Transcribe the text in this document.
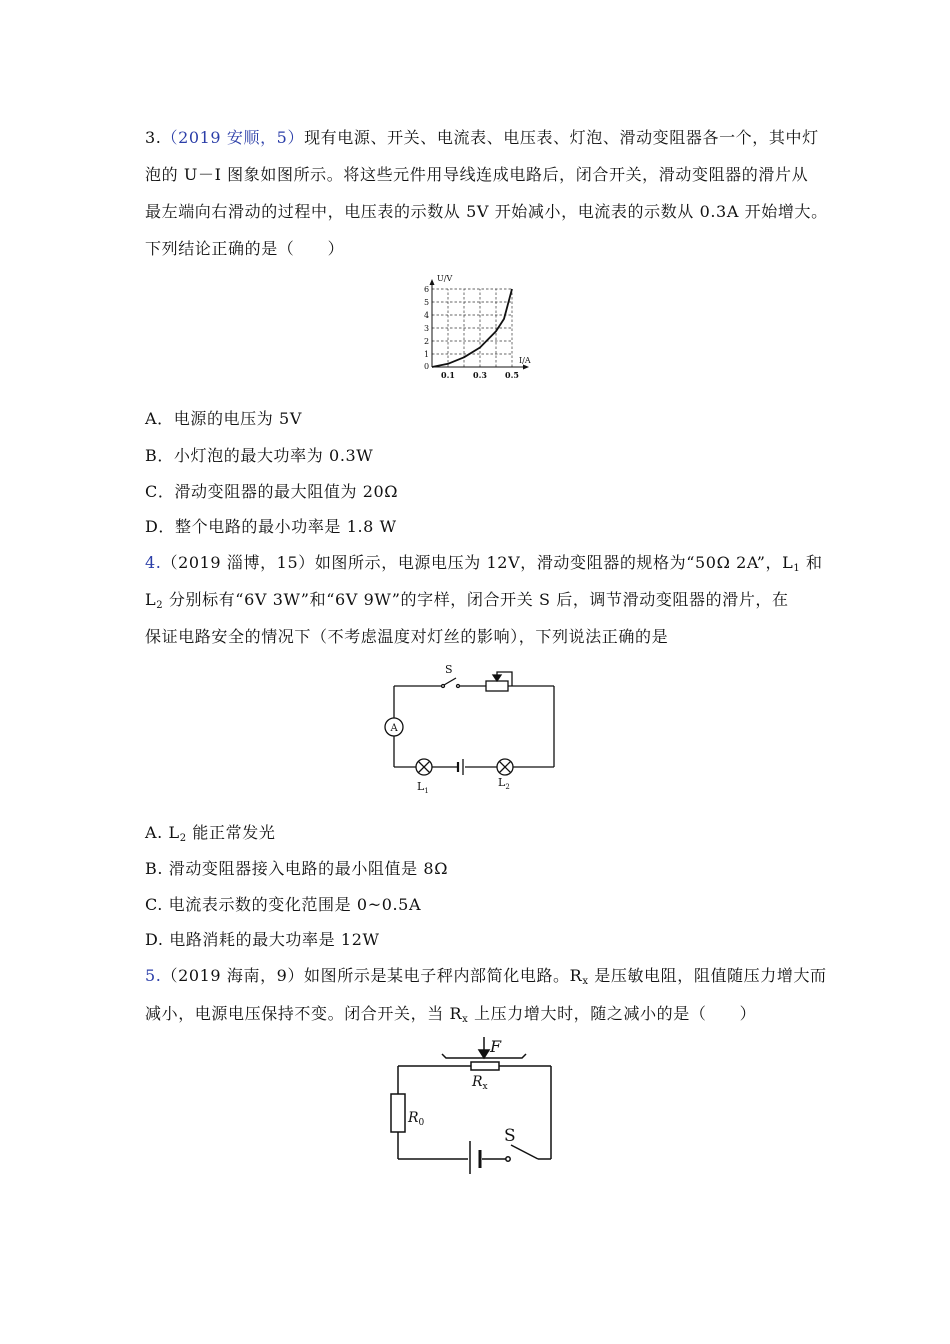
3.（2019 安顺，5）现有电源、开关、电流表、电压表、灯泡、滑动变阻器各一个，其中灯
泡的 U－I 图象如图所示。将这些元件用导线连成电路后，闭合开关，滑动变阻器的滑片从
最左端向右滑动的过程中，电压表的示数从 5V 开始减小，电流表的示数从 0.3A 开始增大。
下列结论正确的是（　　）
1
2
3
4
5
6
0.1 0.3 0.5
0
U/V
I/A
A．电源的电压为 5V
B．小灯泡的最大功率为 0.3W
C．滑动变阻器的最大阻值为 20Ω
D．整个电路的最小功率是 1.8 W
4.（2019 淄博，15）如图所示，电源电压为 12V，滑动变阻器的规格为“50Ω 2A”，$L_1$ 和
$L_2$ 分别标有“6V 3W”和“6V 9W”的字样，闭合开关 S 后，调节滑动变阻器的滑片，在
保证电路安全的情况下（不考虑温度对灯丝的影响），下列说法正确的是
S
A
$L_1$
$L_2$
A. $L_2$ 能正常发光
B. 滑动变阻器接入电路的最小阻值是 8Ω
C. 电流表示数的变化范围是 0~0.5A
D. 电路消耗的最大功率是 12W
5.（2019 海南，9）如图所示是某电子秤内部简化电路。$R_x$ 是压敏电阻，阻值随压力增大而
减小，电源电压保持不变。闭合开关，当 $R_x$ 上压力增大时，随之减小的是（　　）
F
$R_x$
$R_0$
S
